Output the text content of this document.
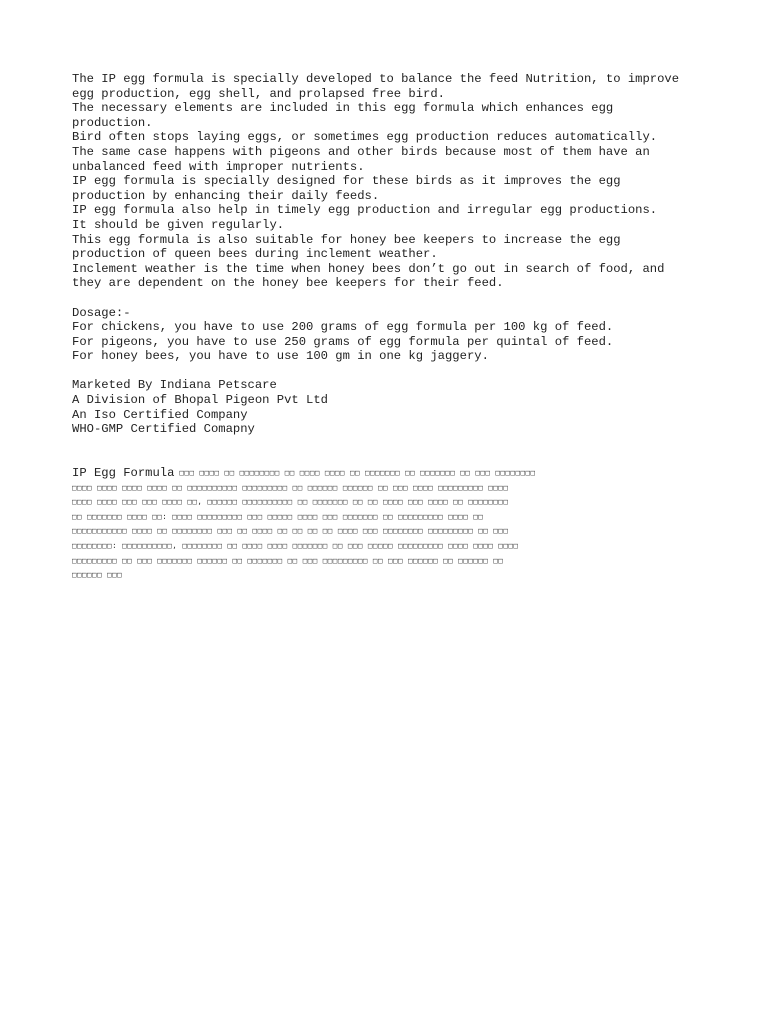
The IP egg formula is specially developed to balance the feed Nutrition, to improve
egg production, egg shell, and prolapsed free bird.
The necessary elements are included in this egg formula which enhances egg
production.
Bird often stops laying eggs, or sometimes egg production reduces automatically.
The same case happens with pigeons and other birds because most of them have an
unbalanced feed with improper nutrients.
IP egg formula is specially designed for these birds as it improves the egg
production by enhancing their daily feeds.
IP egg formula also help in timely egg production and irregular egg productions.
It should be given regularly.
This egg formula is also suitable for honey bee keepers to increase the egg
production of queen bees during inclement weather.
Inclement weather is the time when honey bees don’t go out in search of food, and
they are dependent on the honey bee keepers for their feed.
Dosage:-
For chickens, you have to use 200 grams of egg formula per 100 kg of feed.
For pigeons, you have to use 250 grams of egg formula per quintal of feed.
For honey bees, you have to use 100 gm in one kg jaggery.
Marketed By Indiana Petscare
A Division of Bhopal Pigeon Pvt Ltd
An Iso Certified Company
WHO-GMP Certified Comapny
IP Egg Formula □□□ □□□□ □□ □□□□□□□□ □□ □□□□ □□□□ □□ □□□□□□□ □□ □□□□□□□ □□ □□□ □□□□□□□□
□□□□ □□□□ □□□□ □□□□ □□ □□□□□□□□□□ □□□□□□□□□ □□ □□□□□□ □□□□□□ □□ □□□ □□□□ □□□□□□□□□ □□□□
□□□□ □□□□ □□□ □□□ □□□□ □□, □□□□□□ □□□□□□□□□□ □□ □□□□□□□ □□ □□ □□□□ □□□ □□□□ □□ □□□□□□□□
□□ □□□□□□□ □□□□ □□: □□□□ □□□□□□□□□ □□□ □□□□□ □□□□ □□□ □□□□□□□ □□ □□□□□□□□□ □□□□ □□
□□□□□□□□□□□ □□□□ □□ □□□□□□□□ □□□ □□ □□□□ □□ □□ □□ □□ □□□□ □□□ □□□□□□□□ □□□□□□□□□ □□ □□□
□□□□□□□□: □□□□□□□□□□, □□□□□□□□ □□ □□□□ □□□□ □□□□□□□ □□ □□□ □□□□□ □□□□□□□□□ □□□□ □□□□ □□□□
□□□□□□□□□ □□ □□□ □□□□□□□ □□□□□□ □□ □□□□□□□ □□ □□□ □□□□□□□□□ □□ □□□ □□□□□□ □□ □□□□□□ □□
□□□□□□ □□□
